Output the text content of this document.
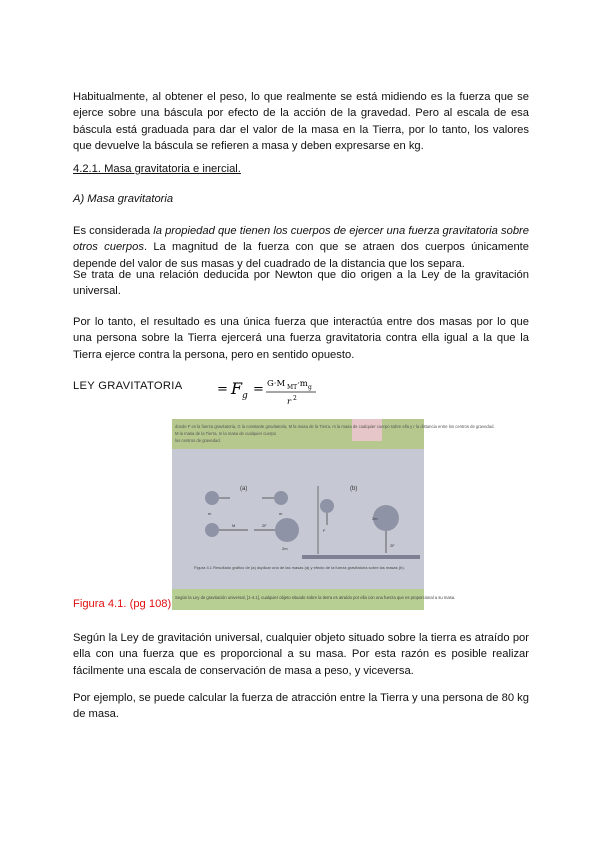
Habitualmente, al obtener el peso, lo que realmente se está midiendo es la fuerza que se ejerce sobre una báscula por efecto de la acción de la gravedad. Pero al escala de esa báscula está graduada para dar el valor de la masa en la Tierra, por lo tanto, los valores que devuelve la báscula se refieren a masa y deben expresarse en kg.

4.2.1. Masa gravitatoria e inercial.

A) Masa gravitatoria

Es considerada la propiedad que tienen los cuerpos de ejercer una fuerza gravitatoria sobre otros cuerpos. La magnitud de la fuerza con que se atraen dos cuerpos únicamente depende del valor de sus masas y del cuadrado de la distancia que los separa.

Se trata de una relación deducida por Newton que dio origen a la Ley de la gravitación universal.

Por lo tanto, el resultado es una única fuerza que interactúa entre dos masas por lo que una persona sobre la Tierra ejercerá una fuerza gravitatoria contra ella igual a la que la Tierra ejerce contra la persona, pero en sentido opuesto.

LEY GRAVITATORIA	= F g = G·M MT ·m g
r 2
donde F es la fuerza gravitatoria, G la constante gravitatoria, M la masa de la Tierra, m la masa de cualquier cuerpo sobre ella y r la distancia entre los centros de gravedad.
M la masa de la Tierra, m la masa de cualquier cuerpo
los centros de gravedad.
(a)
m	m
M	2F
2m
(b)
F
2F
2m
Figura 4.1 Resultado gráfico de (a) duplicar una de las masas (a) y efecto de la fuerza gravitatoria sobre las masas (b).
Según la Ley de gravitación universal, [1-4.1], cualquier objeto situado sobre la tierra es atraído por ella con una fuerza que es proporcional a su masa.
Figura 4.1. (pg 108)

Según la Ley de gravitación universal, cualquier objeto situado sobre la tierra es atraído por ella con una fuerza que es proporcional a su masa. Por esta razón es posible realizar fácilmente una escala de conservación de masa a peso, y viceversa.

Por ejemplo, se puede calcular la fuerza de atracción entre la Tierra y una persona de 80 kg de masa.
